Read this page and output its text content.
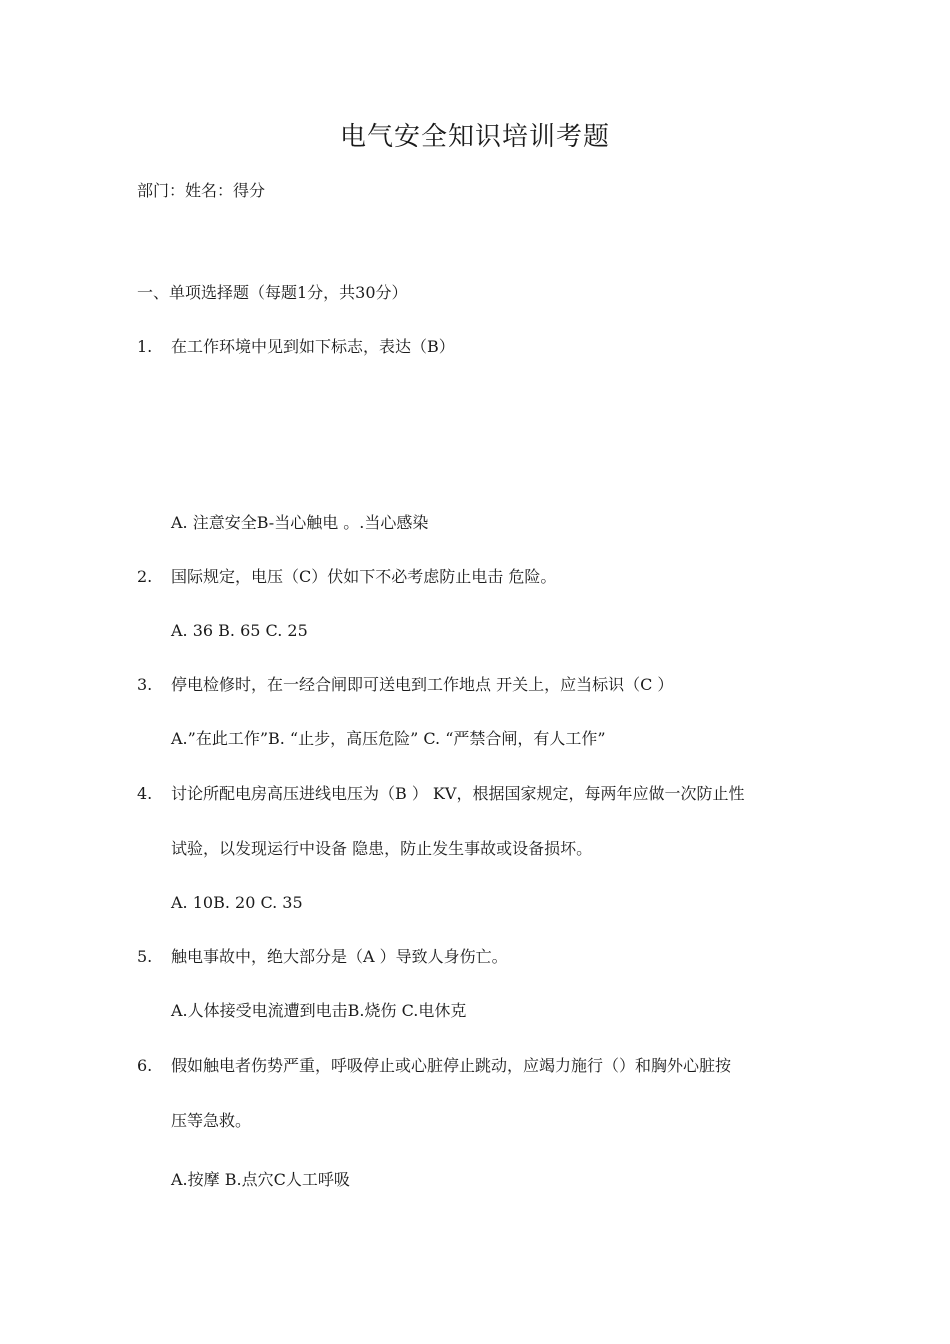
电气安全知识培训考题
部门：姓名：得分
一、单项选择题（每题1分，共30分）
1. 在工作环境中见到如下标志，表达（B）
A. 注意安全B-当心触电 。.当心感染
2. 国际规定，电压（C）伏如下不必考虑防止电击 危险。
A. 36 B. 65 C. 25
3. 停电检修时，在一经合闸即可送电到工作地点 开关上，应当标识（C ）
A.”在此工作”B. “止步，高压危险” C. “严禁合闸，有人工作”
4. 讨论所配电房高压进线电压为（B ） KV，根据国家规定，每两年应做一次防止性
试验，以发现运行中设备 隐患，防止发生事故或设备损坏。
A. 10B. 20 C. 35
5. 触电事故中，绝大部分是（A ）导致人身伤亡。
A.人体接受电流遭到电击B.烧伤 C.电休克
6. 假如触电者伤势严重，呼吸停止或心脏停止跳动，应竭力施行（）和胸外心脏按
压等急救。
A.按摩 B.点穴C人工呼吸
